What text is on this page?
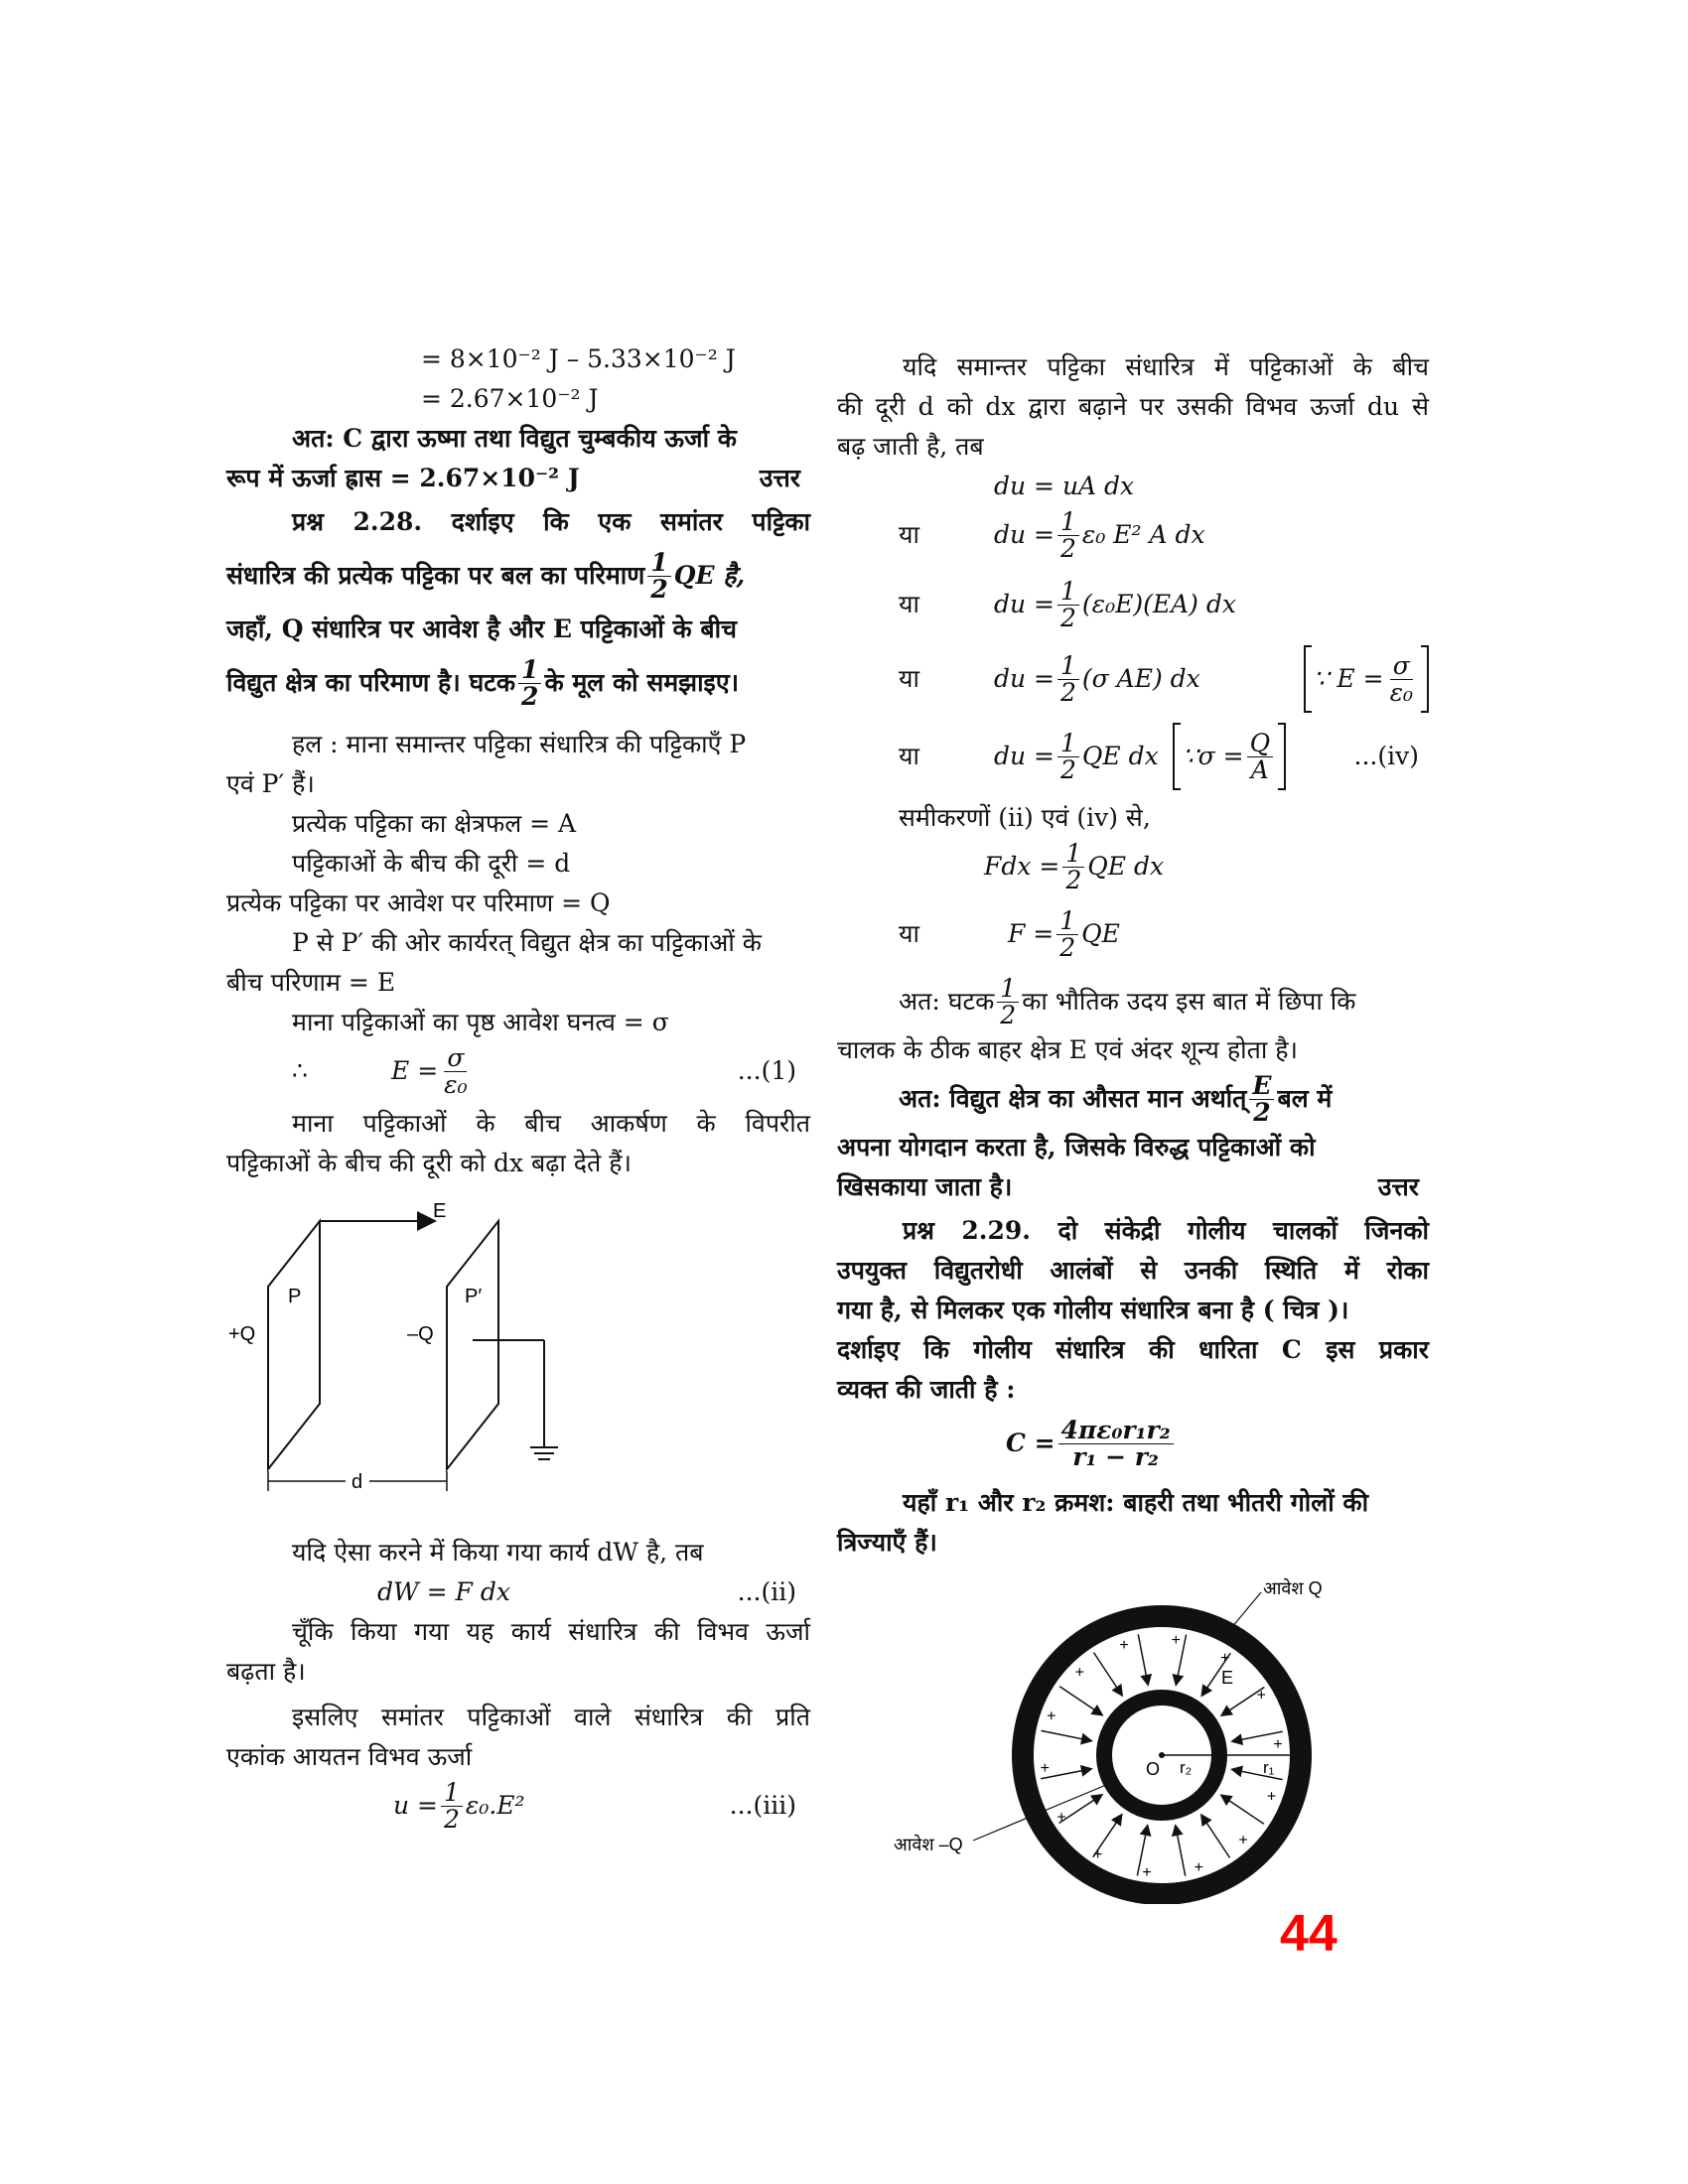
= 8×10⁻² J – 5.33×10⁻² J
= 2.67×10⁻² J
अत: C द्वारा ऊष्मा तथा विद्युत चुम्बकीय ऊर्जा के
रूप में ऊर्जा ह्रास = 2.67×10⁻² J	उत्तर
प्रश्न 2.28. दर्शाइए कि एक समांतर पट्टिका
संधारित्र की प्रत्येक पट्टिका पर बल का परिमाण $\frac{1}{2}$ QE है,
जहाँ, Q संधारित्र पर आवेश है और E पट्टिकाओं के बीच
विद्युत क्षेत्र का परिमाण है। घटक $\frac{1}{2}$ के मूल को समझाइए।
हल : माना समान्तर पट्टिका संधारित्र की पट्टिकाएँ P
एवं P′ हैं।
प्रत्येक पट्टिका का क्षेत्रफल = A
पट्टिकाओं के बीच की दूरी = d
प्रत्येक पट्टिका पर आवेश पर परिमाण = Q
P से P′ की ओर कार्यरत् विद्युत क्षेत्र का पट्टिकाओं के
बीच परिणाम = E
माना पट्टिकाओं का पृष्ठ आवेश घनत्व = σ
∴	$E = \frac{\sigma}{\text{ε₀}}$	...(1)
माना पट्टिकाओं के बीच आकर्षण के विपरीत
पट्टिकाओं के बीच की दूरी को dx बढ़ा देते हैं।
E
P	P′
+Q	–Q
d
यदि ऐसा करने में किया गया कार्य dW है, तब
dW = F dx	...(ii)
चूँकि किया गया यह कार्य संधारित्र की विभव ऊर्जा
बढ़ता है।
इसलिए समांतर पट्टिकाओं वाले संधारित्र की प्रति
एकांक आयतन विभव ऊर्जा
$u = \frac{1}{2} \varepsilon_0.E^2$	...(iii)
यदि समान्तर पट्टिका संधारित्र में पट्टिकाओं के बीच
की दूरी d को dx द्वारा बढ़ाने पर उसकी विभव ऊर्जा du से
बढ़ जाती है, तब
du = uA dx
या	du = $\frac{1}{2} \varepsilon_0$ E² A dx
या	du = $\frac{1}{2} (\varepsilon_0E)(EA)$ dx
या	du = $\frac{1}{2} (\sigma$ AE) dx	∵ $E = \frac{\sigma}{\text{ε₀}}$
या	du = $\frac{1}{2}$ QE dx ∵σ = $\frac{Q}{A}$	...(iv)
समीकरणों (ii) एवं (iv) से,
Fdx = $\frac{1}{2}$ QE dx
या	$F = \frac{1}{2}$ QE
अत: घटक $\frac{1}{2}$ का भौतिक उदय इस बात में छिपा कि
चालक के ठीक बाहर क्षेत्र E एवं अंदर शून्य होता है।
अत: विद्युत क्षेत्र का औसत मान अर्थात् $\frac{E}{2}$ बल में
अपना योगदान करता है, जिसके विरुद्ध पट्टिकाओं को
खिसकाया जाता है।	उत्तर
प्रश्न 2.29. दो संकेद्री गोलीय चालकों जिनको
उपयुक्त विद्युतरोधी आलंबों से उनकी स्थिति में रोका
गया है, से मिलकर एक गोलीय संधारित्र बना है ( चित्र )।
दर्शाइए कि गोलीय संधारित्र की धारिता C इस प्रकार
व्यक्त की जाती है :
$C = \frac{\text{4πε₀r₁r₂}}{\text{r₁ − r₂}}$
यहाँ r₁ और r₂ क्रमश: बाहरी तथा भीतरी गोलों की
त्रिज्याएँ हैं।
+
+
+
+
+
+
+
+
+
+
+	+
+
+
O r₂	r₁
E
आवेश Q
आवेश –Q
44
